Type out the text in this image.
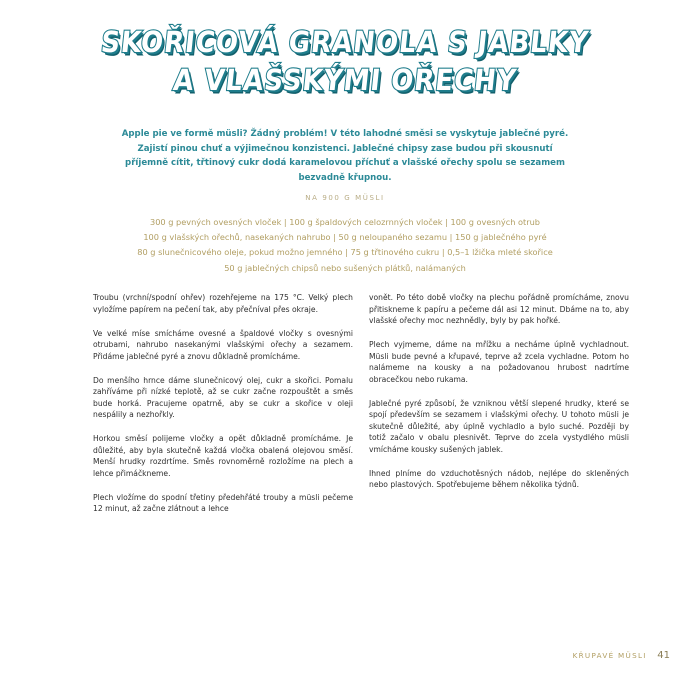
SKOŘICOVÁ GRANOLA S JABLKY
A VLAŠSKÝMI OŘECHY
Apple pie ve formě müsli? Žádný problém! V této lahodné směsi se vyskytuje jablečné pyré. Zajistí pinou chuť a výjimečnou konzistenci. Jablečné chipsy zase budou při skousnutí příjemně cítit, třtinový cukr dodá karamelovou příchuť a vlašské ořechy spolu se sezamem bezvadně křupnou.
NA 900 G MÜSLI
300 g pevných ovesných vloček | 100 g špaldových celozrnných vloček | 100 g ovesných otrub
100 g vlašských ořechů, nasekaných nahrubo | 50 g neloupaného sezamu | 150 g jablečného pyré
80 g slunečnicového oleje, pokud možno jemného | 75 g třtinového cukru | 0,5–1 lžička mleté skořice
50 g jablečných chipsů nebo sušených plátků, nalámaných

Troubu (vrchní/spodní ohřev) rozehřejeme na 175 °C. Velký plech vyložíme papírem na pečení tak, aby přečníval přes okraje.

Ve velké míse smícháme ovesné a špaldové vločky s ovesnými otrubami, nahrubo nasekanými vlašskými ořechy a sezamem. Přidáme jablečné pyré a znovu důkladně promícháme.

Do menšího hrnce dáme slunečnicový olej, cukr a skořici. Pomalu zahříváme při nízké teplotě, až se cukr začne rozpouštět a směs bude horká. Pracujeme opatrně, aby se cukr a skořice v oleji nespálily a nezhořkly.

Horkou směsí polijeme vločky a opět důkladně promícháme. Je důležité, aby byla skutečně každá vločka obalená olejovou směsí. Menší hrudky rozdrtíme. Směs rovnoměrně rozložíme na plech a lehce přimáčkneme.

Plech vložíme do spodní třetiny předehřáté trouby a müsli pečeme 12 minut, až začne zlátnout a lehce

vonět. Po této době vločky na plechu pořádně promícháme, znovu přitiskneme k papíru a pečeme dál asi 12 minut. Dbáme na to, aby vlašské ořechy moc nezhnědly, byly by pak hořké.

Plech vyjmeme, dáme na mřížku a necháme úplně vychladnout. Müsli bude pevné a křupavé, teprve až zcela vychladne. Potom ho nalámeme na kousky a na požadovanou hrubost nadrtíme obracečkou nebo rukama.

Jablečné pyré způsobí, že vzniknou větší slepené hrudky, které se spojí především se sezamem i vlašskými ořechy. U tohoto müsli je skutečně důležité, aby úplně vychladlo a bylo suché. Později by totiž začalo v obalu plesnivět. Teprve do zcela vystydlého müsli vmícháme kousky sušených jablek.

Ihned plníme do vzduchotěsných nádob, nejlépe do skleněných nebo plastových. Spotřebujeme během několika týdnů.

KŘUPAVÉ MÜSLI 41
